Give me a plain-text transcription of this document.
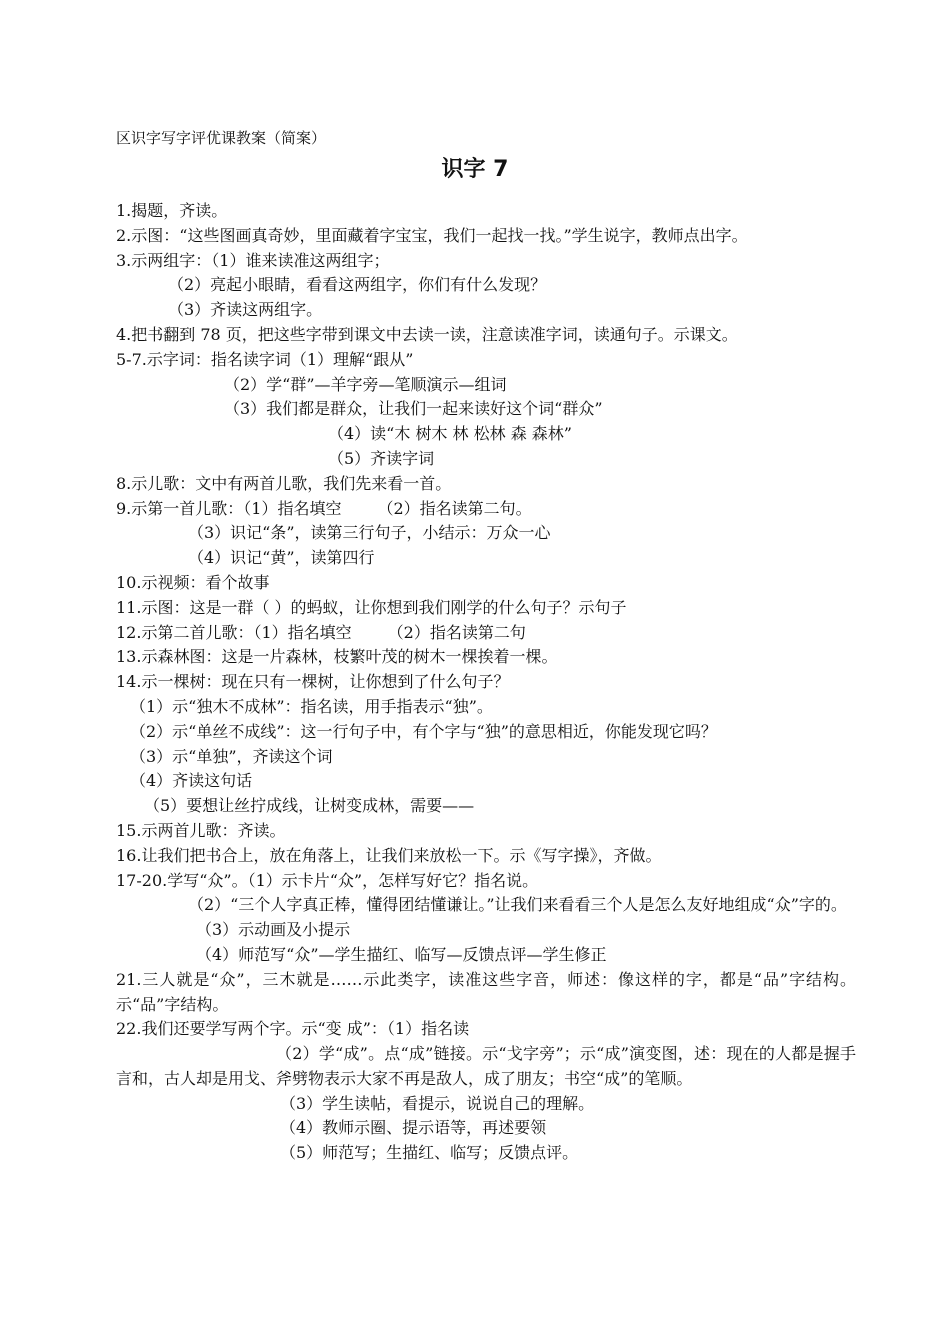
区识字写字评优课教案（简案）
识字 7
1.揭题，齐读。
2.示图：“这些图画真奇妙，里面藏着字宝宝，我们一起找一找。”学生说字，教师点出字。
3.示两组字：（1）谁来读准这两组字；
（2）亮起小眼睛，看看这两组字，你们有什么发现？
（3）齐读这两组字。
4.把书翻到 78 页，把这些字带到课文中去读一读，注意读准字词，读通句子。示课文。
5-7.示字词：指名读字词（1）理解“跟从”
（2）学“群”—羊字旁—笔顺演示—组词
（3）我们都是群众，让我们一起来读好这个词“群众”
（4）读“木 树木 林 松林 森 森林”
（5）齐读字词
8.示儿歌：文中有两首儿歌，我们先来看一首。
9.示第一首儿歌：（1）指名填空 （2）指名读第二句。
（3）识记“条”，读第三行句子，小结示：万众一心
（4）识记“黄”，读第四行
10.示视频：看个故事
11.示图：这是一群（ ）的蚂蚁，让你想到我们刚学的什么句子？示句子
12.示第二首儿歌：（1）指名填空 （2）指名读第二句
13.示森林图：这是一片森林，枝繁叶茂的树木一棵挨着一棵。
14.示一棵树：现在只有一棵树，让你想到了什么句子？
（1）示“独木不成林”：指名读，用手指表示“独”。
（2）示“单丝不成线”：这一行句子中，有个字与“独”的意思相近，你能发现它吗？
（3）示“单独”，齐读这个词
（4）齐读这句话
（5）要想让丝拧成线，让树变成林，需要——
15.示两首儿歌：齐读。
16.让我们把书合上，放在角落上，让我们来放松一下。示《写字操》，齐做。
17-20.学写“众”。（1）示卡片“众”，怎样写好它？指名说。
（2）“三个人字真正棒，懂得团结懂谦让。”让我们来看看三个人是怎么友好地组成“众”字的。
（3）示动画及小提示
（4）师范写“众”—学生描红、临写—反馈点评—学生修正
21.三人就是“众”，三木就是……示此类字，读准这些字音，师述：像这样的字，都是“品”字结构。示“品”字结构。
22.我们还要学写两个字。示“变 成”：（1）指名读
（2）学“成”。点“成”链接。示“戈字旁”；示“成”演变图，述：现在的人都是握手言和，古人却是用戈、斧劈物表示大家不再是敌人，成了朋友；书空“成”的笔顺。
（3）学生读帖，看提示，说说自己的理解。
（4）教师示圈、提示语等，再述要领
（5）师范写；生描红、临写；反馈点评。
